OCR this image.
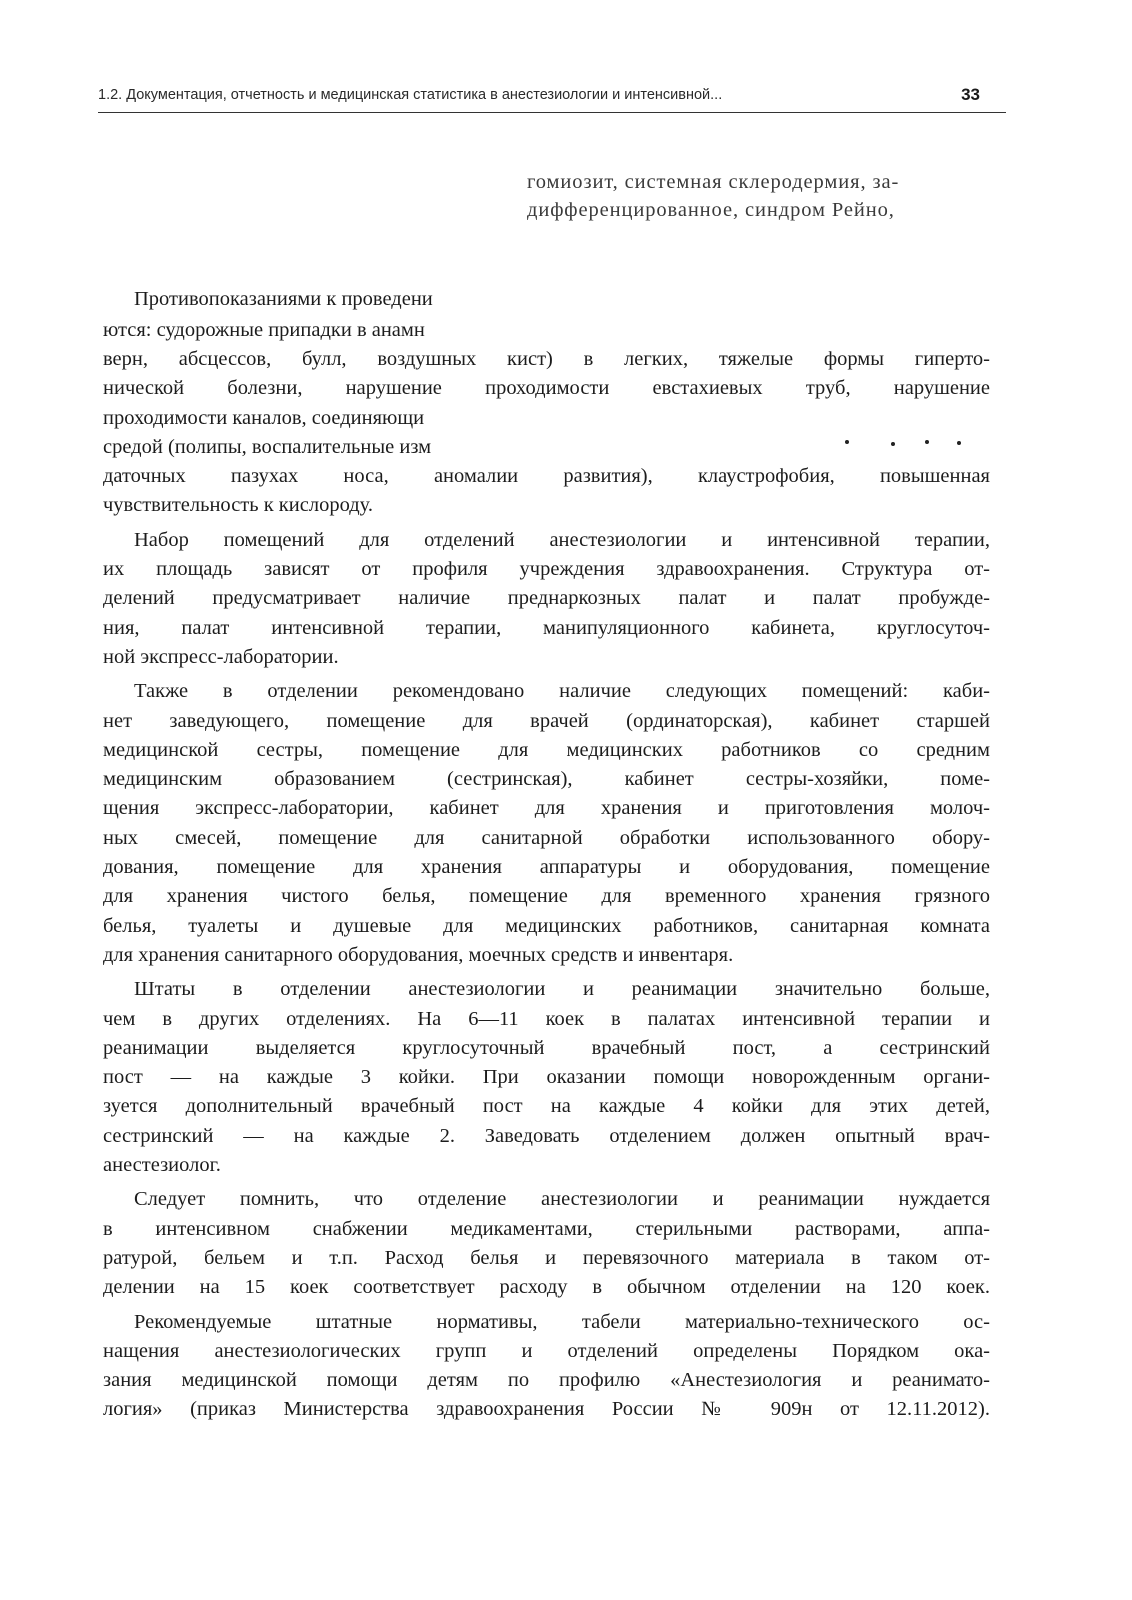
1.2. Документация, отчетность и медицинская статистика в анестезиологии и интенсивной...	33
гомиозит, системная склеродермия, за-
дифференцированное, синдром Рейно,
Противопоказаниями к проведени
ются: судорожные припадки в анамн
верн, абсцессов, булл, воздушных кист) в легких, тяжелые формы гиперто-
нической болезни, нарушение проходимости евстахиевых труб, нарушение
проходимости каналов, соединяющи
средой (полипы, воспалительные изм
даточных пазухах носа, аномалии развития), клаустрофобия, повышенная
чувствительность к кислороду.
Набор помещений для отделений анестезиологии и интенсивной терапии,
их площадь зависят от профиля учреждения здравоохранения. Структура от-
делений предусматривает наличие преднаркозных палат и палат пробужде-
ния, палат интенсивной терапии, манипуляционного кабинета, круглосуточ-
ной экспресс-лаборатории.
Также в отделении рекомендовано наличие следующих помещений: каби-
нет заведующего, помещение для врачей (ординаторская), кабинет старшей
медицинской сестры, помещение для медицинских работников со средним
медицинским образованием (сестринская), кабинет сестры-хозяйки, поме-
щения экспресс-лаборатории, кабинет для хранения и приготовления молоч-
ных смесей, помещение для санитарной обработки использованного обору-
дования, помещение для хранения аппаратуры и оборудования, помещение
для хранения чистого белья, помещение для временного хранения грязного
белья, туалеты и душевые для медицинских работников, санитарная комната
для хранения санитарного оборудования, моечных средств и инвентаря.
Штаты в отделении анестезиологии и реанимации значительно больше,
чем в других отделениях. На 6—11 коек в палатах интенсивной терапии и
реанимации выделяется круглосуточный врачебный пост, а сестринский
пост — на каждые 3 койки. При оказании помощи новорожденным органи-
зуется дополнительный врачебный пост на каждые 4 койки для этих детей,
сестринский — на каждые 2. Заведовать отделением должен опытный врач-
анестезиолог.
Следует помнить, что отделение анестезиологии и реанимации нуждается
в интенсивном снабжении медикаментами, стерильными растворами, аппа-
ратурой, бельем и т.п. Расход белья и перевязочного материала в таком от-
делении на 15 коек соответствует расходу в обычном отделении на 120 коек.
Рекомендуемые штатные нормативы, табели материально-технического ос-
нащения анестезиологических групп и отделений определены Порядком ока-
зания медицинской помощи детям по профилю «Анестезиология и реанимато-
логия» (приказ Министерства здравоохранения России № 909н от 12.11.2012).
